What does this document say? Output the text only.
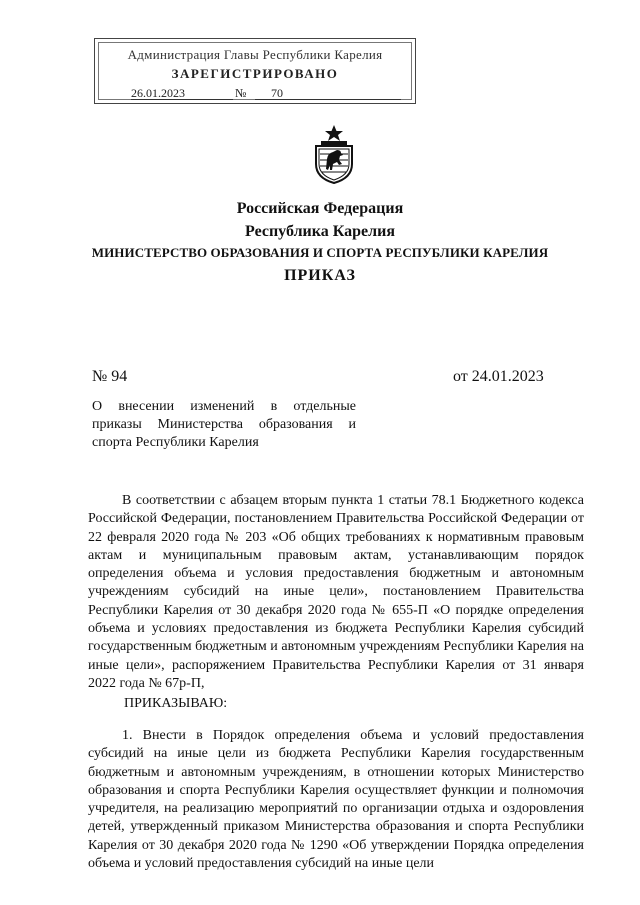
Администрация Главы Республики Карелия
ЗАРЕГИСТРИРОВАНО
26.01.2023	№ 70
Российская Федерация
Республика Карелия
МИНИСТЕРСТВО ОБРАЗОВАНИЯ И СПОРТА РЕСПУБЛИКИ КАРЕЛИЯ
ПРИКАЗ
№ 94	от 24.01.2023
О внесении изменений в отдельные приказы Министерства образования и спорта Республики Карелия
В соответствии с абзацем вторым пункта 1 статьи 78.1 Бюджетного кодекса Российской Федерации, постановлением Правительства Российской Федерации от 22 февраля 2020 года № 203 «Об общих требованиях к нормативным правовым актам и муниципальным правовым актам, устанавливающим порядок определения объема и условия предоставления бюджетным и автономным учреждениям субсидий на иные цели», постановлением Правительства Республики Карелия от 30 декабря 2020 года № 655-П «О порядке определения объема и условиях предоставления из бюджета Республики Карелия субсидий государственным бюджетным и автономным учреждениям Республики Карелия на иные цели», распоряжением Правительства Республики Карелия от 31 января 2022 года № 67р-П,
ПРИКАЗЫВАЮ:
1. Внести в Порядок определения объема и условий предоставления субсидий на иные цели из бюджета Республики Карелия государственным бюджетным и автономным учреждениям, в отношении которых Министерство образования и спорта Республики Карелия осуществляет функции и полномочия учредителя, на реализацию мероприятий по организации отдыха и оздоровления детей, утвержденный приказом Министерства образования и спорта Республики Карелия от 30 декабря 2020 года № 1290 «Об утверждении Порядка определения объема и условий предоставления субсидий на иные цели
